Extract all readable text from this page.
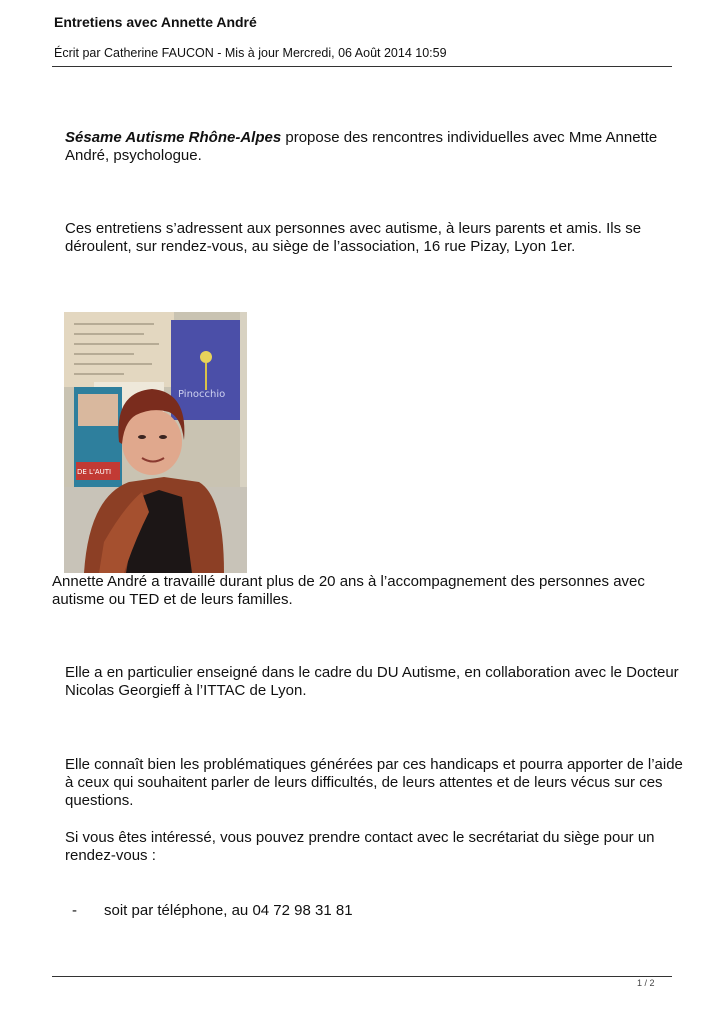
Entretiens avec Annette André
Écrit par Catherine FAUCON - Mis à jour Mercredi, 06 Août 2014 10:59

Sésame Autisme Rhône-Alpes propose des rencontres individuelles avec Mme Annette André, psychologue.

Ces entretiens s’adressent aux personnes avec autisme, à leurs parents et amis. Ils se déroulent, sur rendez-vous, au siège de l’association, 16 rue Pizay, Lyon 1er.

Pinocchio
DE L'AUTI

Annette André a travaillé durant plus de 20 ans à l’accompagnement des personnes avec autisme ou TED et de leurs familles.

Elle a en particulier enseigné dans le cadre du DU Autisme, en collaboration avec le Docteur Nicolas Georgieff à l’ITTAC de Lyon.

Elle connaît bien les problématiques générées par ces handicaps et pourra apporter de l’aide à ceux qui souhaitent parler de leurs difficultés, de leurs attentes et de leurs vécus sur ces questions.

Si vous êtes intéressé, vous pouvez prendre contact avec le secrétariat du siège pour un rendez-vous :

- soit par téléphone, au 04 72 98 31 81
1 / 2
